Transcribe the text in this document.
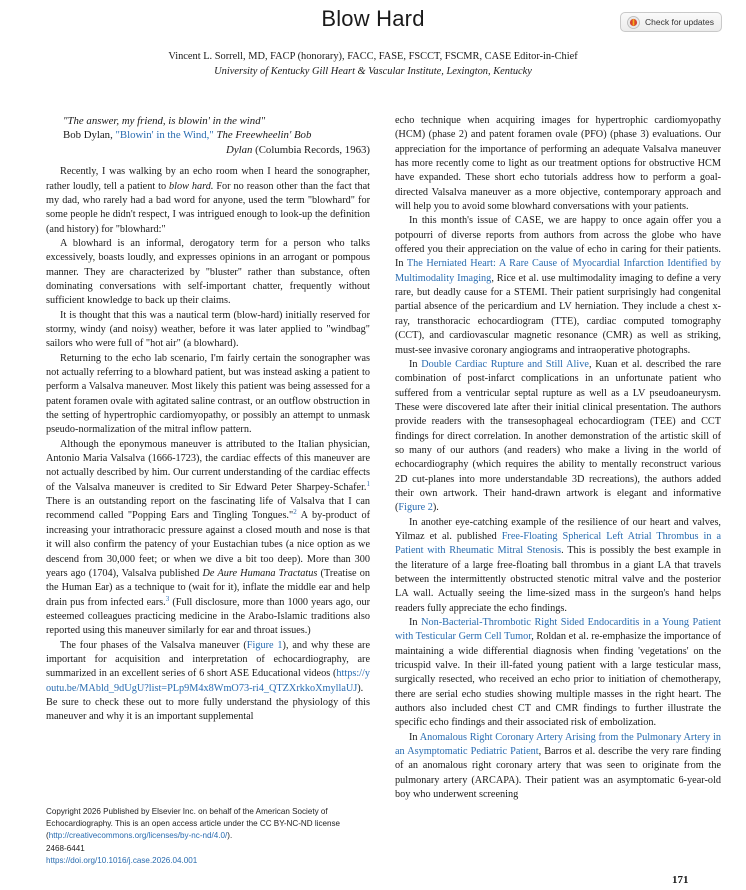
Blow Hard	Check for updates
Vincent L. Sorrell, MD, FACP (honorary), FACC, FASE, FSCCT, FSCMR, CASE Editor-in-Chief
University of Kentucky Gill Heart & Vascular Institute, Lexington, Kentucky
"The answer, my friend, is blowin' in the wind"
Bob Dylan, "Blowin' in the Wind," The Freewheelin' Bob
Dylan (Columbia Records, 1963)

Recently, I was walking by an echo room when I heard the sonographer, rather loudly, tell a patient to blow hard. For no reason other than the fact that my dad, who rarely had a bad word for anyone, used the term "blowhard" for some people he didn't respect, I was intrigued enough to look-up the definition (and history) for "blowhard:"

A blowhard is an informal, derogatory term for a person who talks excessively, boasts loudly, and expresses opinions in an arrogant or pompous manner. They are characterized by "bluster" rather than substance, often dominating conversations with self-important chatter, frequently without sufficient knowledge to back up their claims.

It is thought that this was a nautical term (blow-hard) initially reserved for stormy, windy (and noisy) weather, before it was later applied to "windbag" sailors who were full of "hot air" (a blowhard).

Returning to the echo lab scenario, I'm fairly certain the sonographer was not actually referring to a blowhard patient, but was instead asking a patient to perform a Valsalva maneuver. Most likely this patient was being assessed for a patent foramen ovale with agitated saline contrast, or an outflow obstruction in the setting of hypertrophic cardiomyopathy, or possibly an attempt to unmask pseudo-normalization of the mitral inflow pattern.

Although the eponymous maneuver is attributed to the Italian physician, Antonio Maria Valsalva (1666-1723), the cardiac effects of this maneuver are not actually described by him. Our current understanding of the cardiac effects of the Valsalva maneuver is credited to Sir Edward Peter Sharpey-Schafer.$^1$ There is an outstanding report on the fascinating life of Valsalva that I can recommend called "Popping Ears and Tingling Tongues."$^2$ A by-product of increasing your intrathoracic pressure against a closed mouth and nose is that it will also confirm the patency of your Eustachian tubes (a nice option as we descend from 30,000 feet; or when we dive a bit too deep). More than 300 years ago (1704), Valsalva published De Aure Humana Tractatus (Treatise on the Human Ear) as a technique to (wait for it), inflate the middle ear and help drain pus from infected ears.$^3$ (Full disclosure, more than 1000 years ago, our esteemed colleagues practicing medicine in the Arabo-Islamic traditions also reported using this maneuver similarly for ear and throat issues.)

The four phases of the Valsalva maneuver (Figure 1), and why these are important for acquisition and interpretation of echocardiography, are summarized in an excellent series of 6 short ASE Educational videos (https://youtu.be/MAbld_9dUgU?list=PLp9M4x8WmO73-ri4_QTZXrkkoXmyllaUJ). Be sure to check these out to more fully understand the physiology of this maneuver and why it is an important supplemental

echo technique when acquiring images for hypertrophic cardiomyopathy (HCM) (phase 2) and patent foramen ovale (PFO) (phase 3) evaluations. Our appreciation for the importance of performing an adequate Valsalva maneuver has more recently come to light as our treatment options for obstructive HCM have expanded. These short echo tutorials address how to perform a goal-directed Valsalva maneuver as a more objective, contemporary approach and will help you to avoid some blowhard conversations with your patients.

In this month's issue of CASE, we are happy to once again offer you a potpourri of diverse reports from authors from across the globe who have offered you their appreciation on the value of echo in caring for their patients. In The Herniated Heart: A Rare Cause of Myocardial Infarction Identified by Multimodality Imaging, Rice et al. use multimodality imaging to define a very rare, but deadly cause for a STEMI. Their patient surprisingly had congenital partial absence of the pericardium and LV herniation. They include a chest x-ray, transthoracic echocardiogram (TTE), cardiac computed tomography (CCT), and cardiovascular magnetic resonance (CMR) as well as striking, must-see invasive coronary angiograms and intraoperative photographs.

In Double Cardiac Rupture and Still Alive, Kuan et al. described the rare combination of post-infarct complications in an unfortunate patient who suffered from a ventricular septal rupture as well as a LV pseudoaneurysm. These were discovered late after their initial clinical presentation. The authors provide readers with the transesophageal echocardiogram (TEE) and CCT findings for direct correlation. In another demonstration of the artistic skill of so many of our authors (and readers) who make a living in the world of echocardiography (which requires the ability to mentally reconstruct various 2D cut-planes into more understandable 3D recreations), the authors added their own artwork. Their hand-drawn artwork is elegant and informative (Figure 2).

In another eye-catching example of the resilience of our heart and valves, Yilmaz et al. published Free-Floating Spherical Left Atrial Thrombus in a Patient with Rheumatic Mitral Stenosis. This is possibly the best example in the literature of a large free-floating ball thrombus in a giant LA that travels between the intermittently obstructed stenotic mitral valve and the posterior LA wall. Actually seeing the lime-sized mass in the surgeon's hand helps readers fully appreciate the echo findings.

In Non-Bacterial-Thrombotic Right Sided Endocarditis in a Young Patient with Testicular Germ Cell Tumor, Roldan et al. re-emphasize the importance of maintaining a wide differential diagnosis when finding 'vegetations' on the tricuspid valve. In their ill-fated young patient with a large testicular mass, surgically resected, who received an echo prior to initiation of chemotherapy, there are serial echo studies showing multiple masses in the right heart. The authors also included chest CT and CMR findings to further illustrate the specific echo findings and their associated risk of embolization.

In Anomalous Right Coronary Artery Arising from the Pulmonary Artery in an Asymptomatic Pediatric Patient, Barros et al. describe the very rare finding of an anomalous right coronary artery that was seen to originate from the pulmonary artery (ARCAPA). Their patient was an asymptomatic 6-year-old boy who underwent screening

Copyright 2026 Published by Elsevier Inc. on behalf of the American Society of Echocardiography. This is an open access article under the CC BY-NC-ND license (http://creativecommons.org/licenses/by-nc-nd/4.0/).
2468-6441
https://doi.org/10.1016/j.case.2026.04.001
171
